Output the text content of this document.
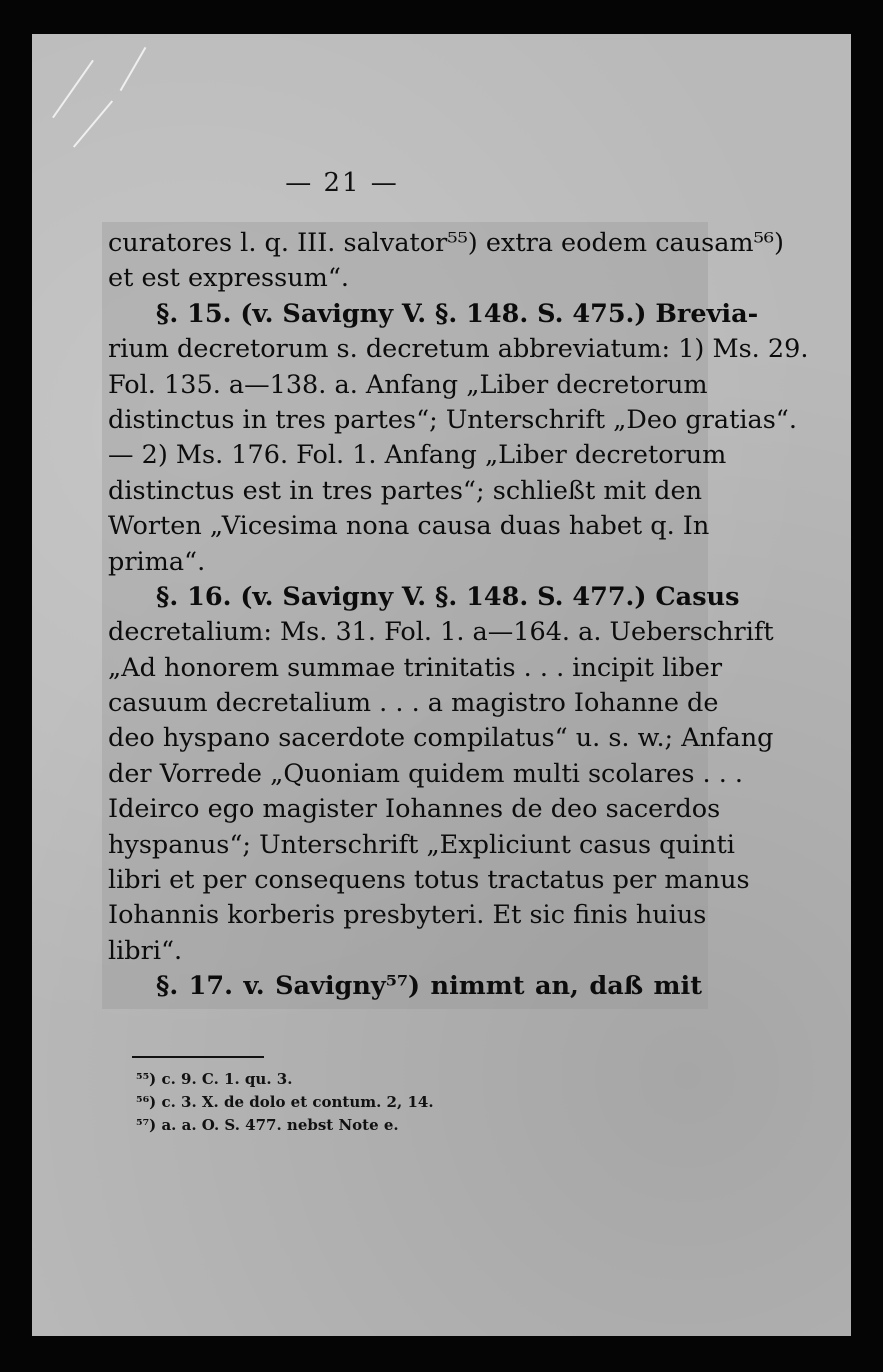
— 21 —
curatores l. q. III. salvator⁵⁵) extra eodem causam⁵⁶)
et est expressum“.
§. 15. (v. Savigny V. §. 148. S. 475.) Brevia-
rium decretorum s. decretum abbreviatum: 1) Ms. 29.
Fol. 135. a—138. a. Anfang „Liber decretorum
distinctus in tres partes“; Unterschrift „Deo gratias“.
— 2) Ms. 176. Fol. 1. Anfang „Liber decretorum
distinctus est in tres partes“; schließt mit den
Worten „Vicesima nona causa duas habet q. In
prima“.
§. 16. (v. Savigny V. §. 148. S. 477.) Casus
decretalium: Ms. 31. Fol. 1. a—164. a. Ueberschrift
„Ad honorem summae trinitatis . . . incipit liber
casuum decretalium . . . a magistro Iohanne de
deo hyspano sacerdote compilatus“ u. s. w.; Anfang
der Vorrede „Quoniam quidem multi scolares . . .
Ideirco ego magister Iohannes de deo sacerdos
hyspanus“; Unterschrift „Expliciunt casus quinti
libri et per consequens totus tractatus per manus
Iohannis korberis presbyteri. Et sic finis huius
libri“.
§. 17. v. Savigny⁵⁷) nimmt an, daß mit
⁵⁵) c. 9. C. 1. qu. 3.
⁵⁶) c. 3. X. de dolo et contum. 2, 14.
⁵⁷) a. a. O. S. 477. nebst Note e.
